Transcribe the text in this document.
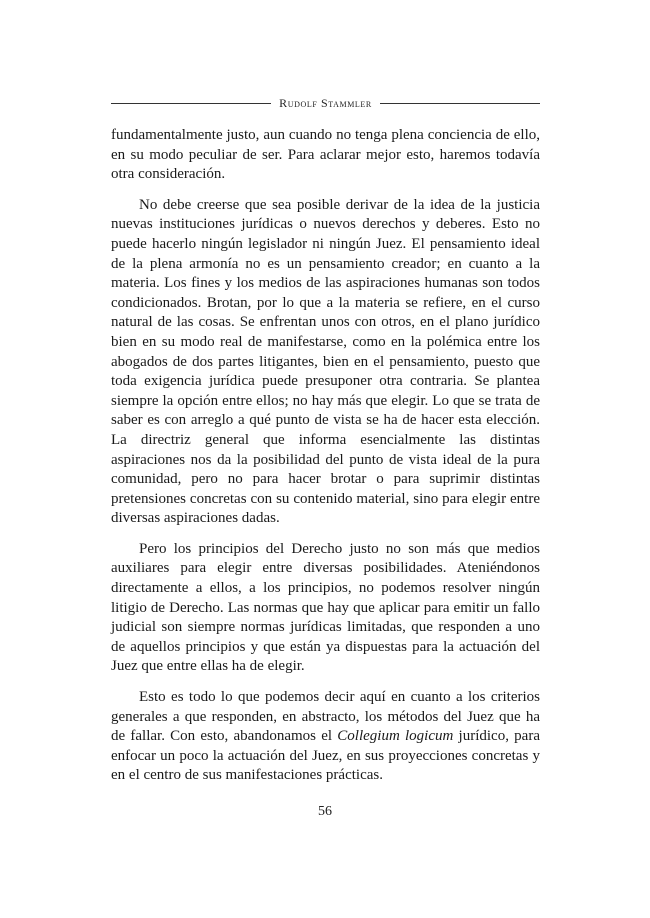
Rudolf Stammler

fundamentalmente justo, aun cuando no tenga plena conciencia de ello, en su modo peculiar de ser. Para aclarar mejor esto, haremos todavía otra consideración.

No debe creerse que sea posible derivar de la idea de la justicia nuevas instituciones jurídicas o nuevos derechos y deberes. Esto no puede hacerlo ningún legislador ni ningún Juez. El pensamiento ideal de la plena armonía no es un pensamiento creador; en cuanto a la materia. Los fines y los medios de las aspiraciones humanas son todos condicionados. Brotan, por lo que a la materia se refiere, en el curso natural de las cosas. Se enfrentan unos con otros, en el plano jurídico bien en su modo real de manifestarse, como en la polémica entre los abogados de dos partes litigantes, bien en el pensamiento, puesto que toda exigencia jurídica puede presuponer otra contraria. Se plantea siempre la opción entre ellos; no hay más que elegir. Lo que se trata de saber es con arreglo a qué punto de vista se ha de hacer esta elección. La directriz general que informa esencialmente las distintas aspiraciones nos da la posibilidad del punto de vista ideal de la pura comunidad, pero no para hacer brotar o para suprimir distintas pretensiones concretas con su contenido material, sino para elegir entre diversas aspiraciones dadas.

Pero los principios del Derecho justo no son más que medios auxiliares para elegir entre diversas posibilidades. Ateniéndonos directamente a ellos, a los principios, no podemos resolver ningún litigio de Derecho. Las normas que hay que aplicar para emitir un fallo judicial son siempre normas jurídicas limitadas, que responden a uno de aquellos principios y que están ya dispuestas para la actuación del Juez que entre ellas ha de elegir.

Esto es todo lo que podemos decir aquí en cuanto a los criterios generales a que responden, en abstracto, los métodos del Juez que ha de fallar. Con esto, abandonamos el Collegium logicum jurídico, para enfocar un poco la actuación del Juez, en sus proyecciones concretas y en el centro de sus manifestaciones prácticas.

56
